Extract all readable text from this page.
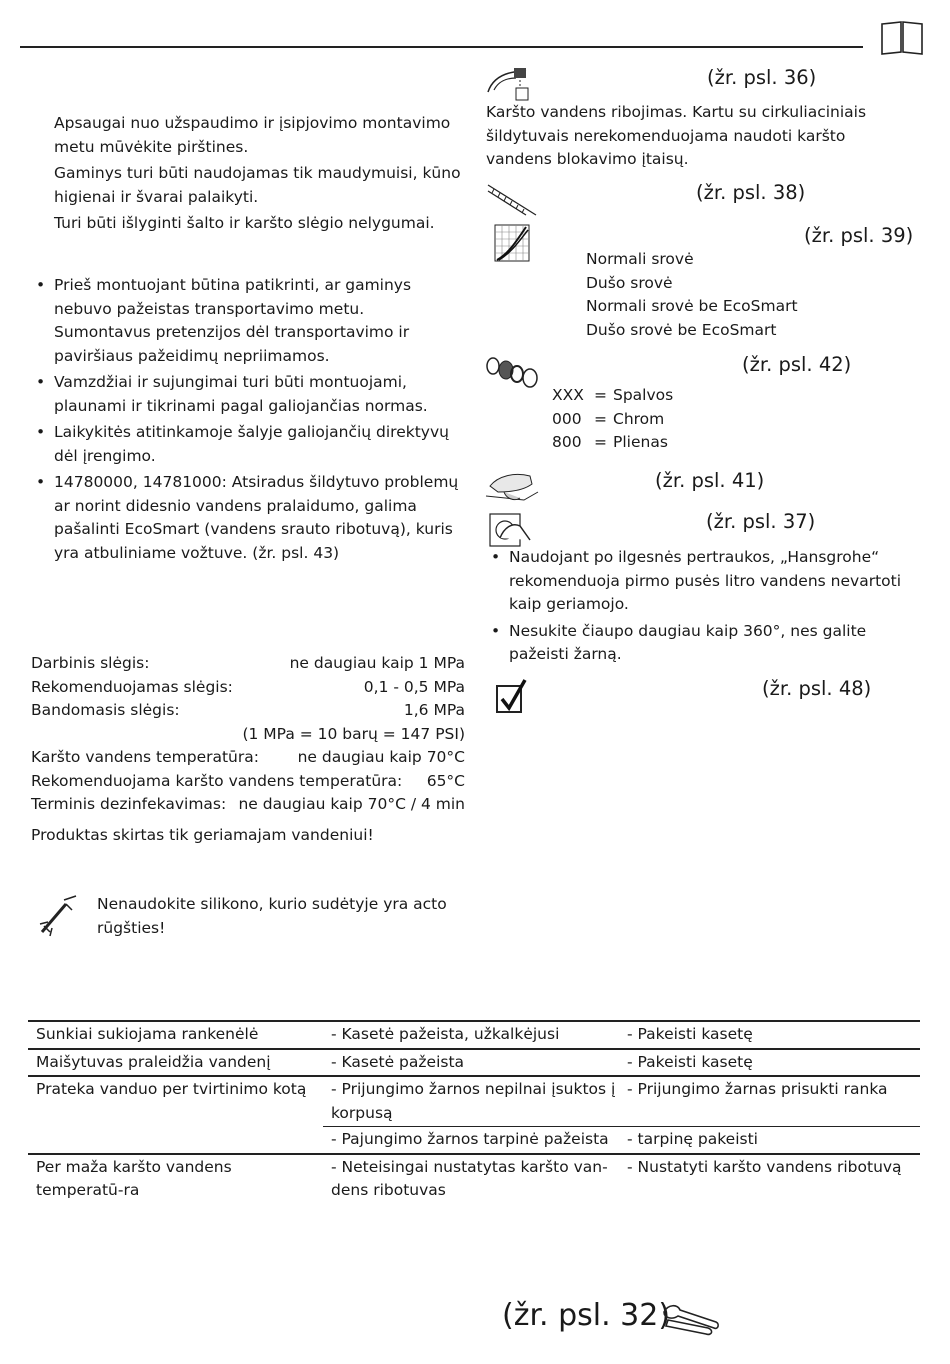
Apsaugai nuo užspaudimo ir įsipjovimo montavimo metu mūvėkite pirštines.
Gaminys turi būti naudojamas tik maudymuisi, kūno higienai ir švarai palaikyti.
Turi būti išlyginti šalto ir karšto slėgio nelygumai.
• Prieš montuojant būtina patikrinti, ar gaminys nebuvo pažeistas transportavimo metu. Sumontavus pretenzijos dėl transportavimo ir paviršiaus pažeidimų nepriimamos.
• Vamzdžiai ir sujungimai turi būti montuojami, plaunami ir tikrinami pagal galiojančias normas.
• Laikykitės atitinkamoje šalyje galiojančių direktyvų dėl įrengimo.
• 14780000, 14781000: Atsiradus šildytuvo problemų ar norint didesnio vandens pralaidumo, galima pašalinti EcoSmart (vandens srauto ribotuvą), kuris yra atbuliniame vožtuve. (žr. psl. 43)
Darbinis slėgis:	ne daugiau kaip 1 MPa
Rekomenduojamas slėgis:	0,1 - 0,5 MPa
Bandomasis slėgis:	1,6 MPa
(1 MPa = 10 barų = 147 PSI)
Karšto vandens temperatūra: ne daugiau kaip 70°C
Rekomenduojama karšto vandens temperatūra: 65°C
Terminis dezinfekavimas: ne daugiau kaip 70°C / 4 min
Produktas skirtas tik geriamajam vandeniui!
Nenaudokite silikono, kurio sudėtyje yra acto rūgšties!
(žr. psl. 36)
Karšto vandens ribojimas. Kartu su cirkuliaciniais šildytuvais nerekomenduojama naudoti karšto vandens blokavimo įtaisų.
(žr. psl. 38)
(žr. psl. 39)
Normali srovė
Dušo srovė
Normali srovė be EcoSmart
Dušo srovė be EcoSmart
(žr. psl. 42)
XXX = Spalvos
000 = Chrom
800 = Plienas
(žr. psl. 41)
(žr. psl. 37)
• Naudojant po ilgesnės pertraukos, „Hansgrohe“ rekomenduoja pirmo pusės litro vandens nevartoti kaip geriamojo.
• Nesukite čiaupo daugiau kaip 360°, nes galite pažeisti žarną.
(žr. psl. 48)
Sunkiai sukiojama rankenėlė	- Kasetė pažeista, užkalkėjusi	- Pakeisti kasetę
Maišytuvas praleidžia vandenį	- Kasetė pažeista	- Pakeisti kasetę
Prateka vanduo per tvirtinimo kotą	- Prijungimo žarnos nepilnai įsuktos į korpusą	- Prijungimo žarnas prisukti ranka
	- Pajungimo žarnos tarpinė pažeista	- tarpinę pakeisti
Per maža karšto vandens temperatū-ra	- Neteisingai nustatytas karšto van-dens ribotuvas	- Nustatyti karšto vandens ribotuvą
(žr. psl. 32)
